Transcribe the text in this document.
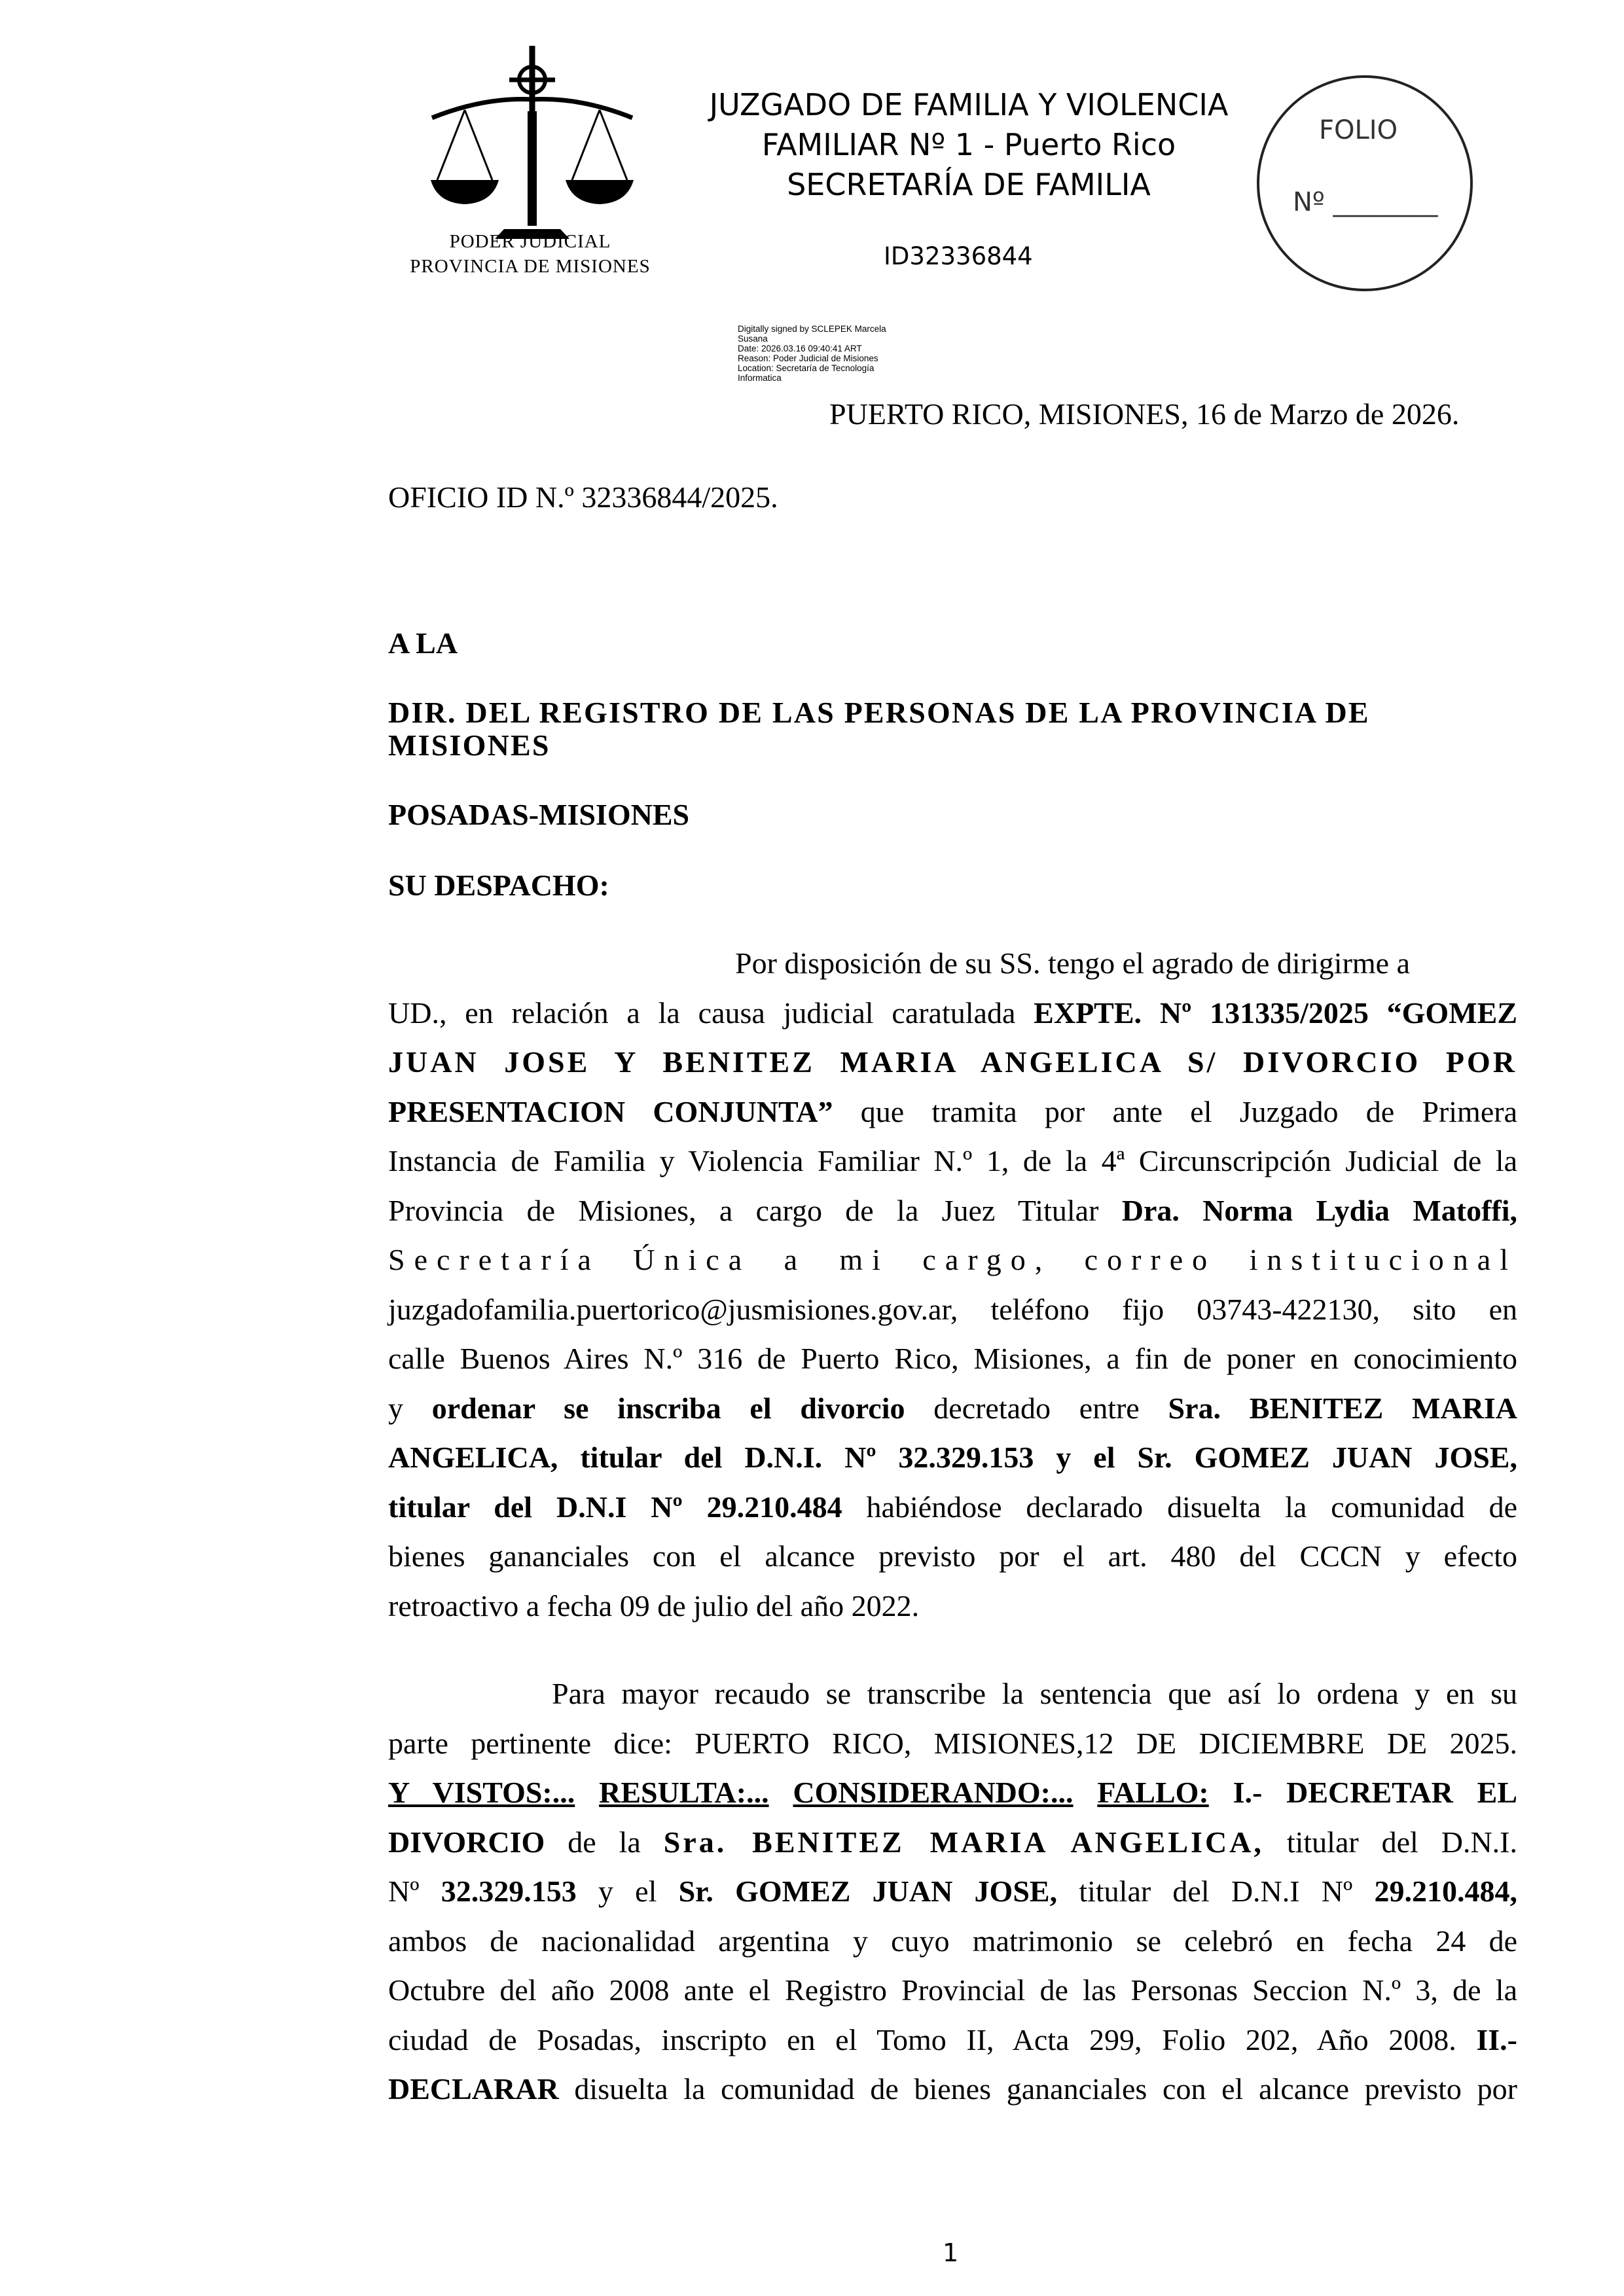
PODER JUDICIAL
PROVINCIA DE MISIONES
JUZGADO DE FAMILIA Y VIOLENCIA
FAMILIAR Nº 1 - Puerto Rico
SECRETARÍA DE FAMILIA
ID32336844
FOLIO
Nº ________
Digitally signed by SCLEPEK Marcela
Susana
Date: 2026.03.16 09:40:41 ART
Reason: Poder Judicial de Misiones
Location: Secretaría de Tecnología
Informatica
PUERTO RICO, MISIONES, 16 de Marzo de 2026.
OFICIO ID N.º 32336844/2025.
A LA
DIR. DEL REGISTRO DE LAS PERSONAS DE LA PROVINCIA DE
MISIONES
POSADAS-MISIONES
SU DESPACHO:
Por disposición de su SS. tengo el agrado de dirigirme a
UD., en relación a la causa judicial caratulada EXPTE. Nº 131335/2025 “GOMEZ
JUAN JOSE Y BENITEZ MARIA ANGELICA S/ DIVORCIO POR
PRESENTACION CONJUNTA” que tramita por ante el Juzgado de Primera
Instancia de Familia y Violencia Familiar N.º 1, de la 4ª Circunscripción Judicial de la
Provincia de Misiones, a cargo de la Juez Titular Dra. Norma Lydia Matoffi,
Secretaría Única a mi cargo, correo institucional
juzgadofamilia.puertorico@jusmisiones.gov.ar, teléfono fijo 03743-422130, sito en
calle Buenos Aires N.º 316 de Puerto Rico, Misiones, a fin de poner en conocimiento
y ordenar se inscriba el divorcio decretado entre Sra. BENITEZ MARIA
ANGELICA, titular del D.N.I. Nº 32.329.153 y el Sr. GOMEZ JUAN JOSE,
titular del D.N.I Nº 29.210.484 habiéndose declarado disuelta la comunidad de
bienes gananciales con el alcance previsto por el art. 480 del CCCN y efecto
retroactivo a fecha 09 de julio del año 2022.
Para mayor recaudo se transcribe la sentencia que así lo ordena y en su
parte pertinente dice: PUERTO RICO, MISIONES,12 DE DICIEMBRE DE 2025.
Y VISTOS:... RESULTA:... CONSIDERANDO:... FALLO: I.- DECRETAR EL
DIVORCIO de la Sra. BENITEZ MARIA ANGELICA, titular del D.N.I.
Nº 32.329.153 y el Sr. GOMEZ JUAN JOSE, titular del D.N.I Nº 29.210.484,
ambos de nacionalidad argentina y cuyo matrimonio se celebró en fecha 24 de
Octubre del año 2008 ante el Registro Provincial de las Personas Seccion N.º 3, de la
ciudad de Posadas, inscripto en el Tomo II, Acta 299, Folio 202, Año 2008. II.-
DECLARAR disuelta la comunidad de bienes gananciales con el alcance previsto por
1
